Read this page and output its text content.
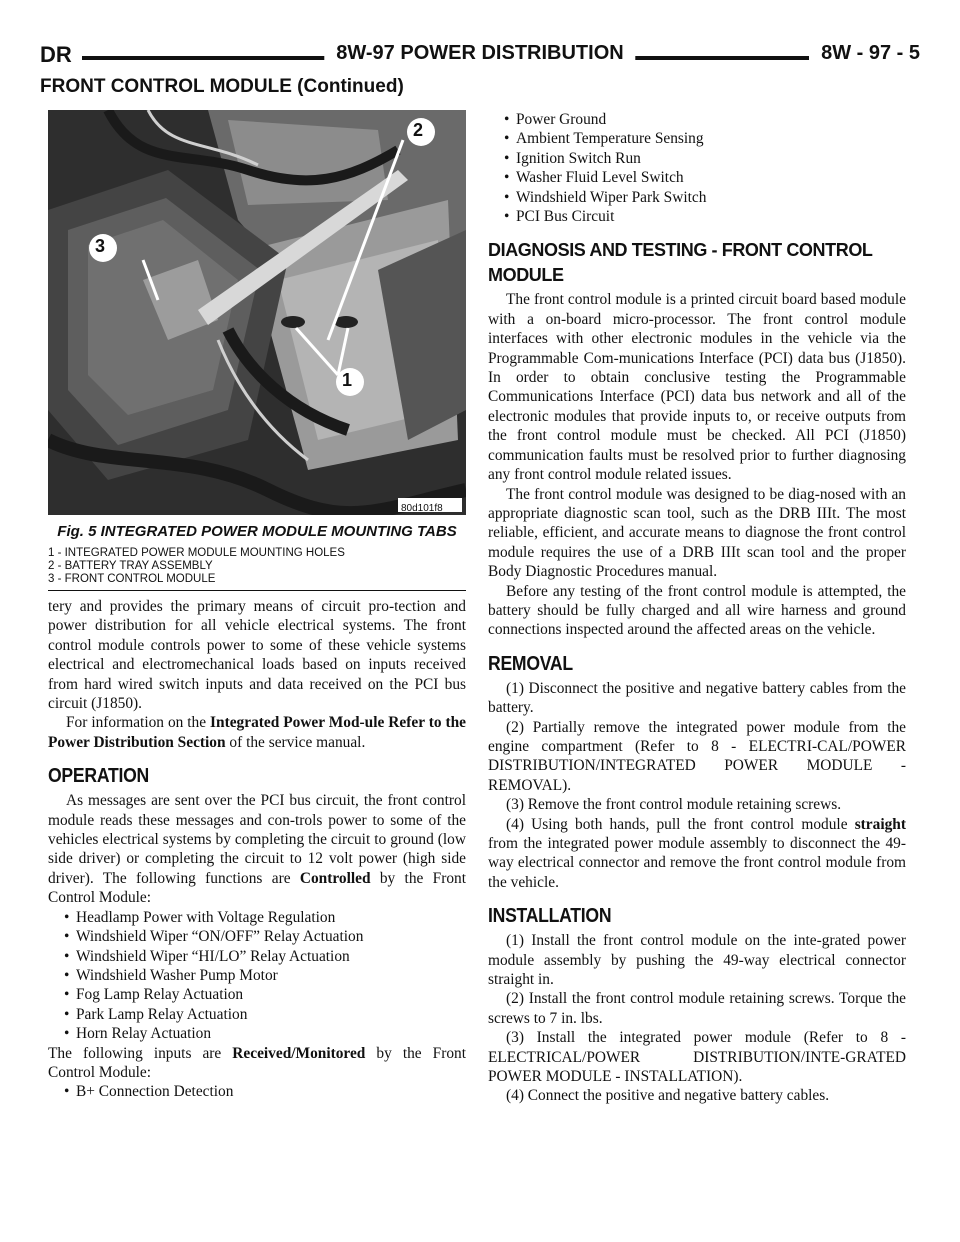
DR	8W-97 POWER DISTRIBUTION	8W - 97 - 5
FRONT CONTROL MODULE (Continued)
1
2
3
80d101f8
Fig. 5 INTEGRATED POWER MODULE MOUNTING TABS
1 - INTEGRATED POWER MODULE MOUNTING HOLES
2 - BATTERY TRAY ASSEMBLY
3 - FRONT CONTROL MODULE

tery and provides the primary means of circuit pro-tection and power distribution for all vehicle electrical systems. The front control module controls power to some of these vehicle systems electrical and electromechanical loads based on inputs received from hard wired switch inputs and data received on the PCI bus circuit (J1850).

For information on the Integrated Power Mod-ule Refer to the Power Distribution Section of the service manual.

OPERATION

As messages are sent over the PCI bus circuit, the front control module reads these messages and con-trols power to some of the vehicles electrical systems by completing the circuit to ground (low side driver) or completing the circuit to 12 volt power (high side driver). The following functions are Controlled by the Front Control Module:

• Headlamp Power with Voltage Regulation
• Windshield Wiper “ON/OFF” Relay Actuation
• Windshield Wiper “HI/LO” Relay Actuation
• Windshield Washer Pump Motor
• Fog Lamp Relay Actuation
• Park Lamp Relay Actuation
• Horn Relay Actuation

The following inputs are Received/Monitored by the Front Control Module:

• B+ Connection Detection
• Power Ground
• Ambient Temperature Sensing
• Ignition Switch Run
• Washer Fluid Level Switch
• Windshield Wiper Park Switch
• PCI Bus Circuit
DIAGNOSIS AND TESTING - FRONT CONTROL MODULE

The front control module is a printed circuit board based module with a on-board micro-processor. The front control module interfaces with other electronic modules in the vehicle via the Programmable Com-munications Interface (PCI) data bus (J1850). In order to obtain conclusive testing the Programmable Communications Interface (PCI) data bus network and all of the electronic modules that provide inputs to, or receive outputs from the front control module must be checked. All PCI (J1850) communication faults must be resolved prior to further diagnosing any front control module related issues.

The front control module was designed to be diag-nosed with an appropriate diagnostic scan tool, such as the DRB IIIt. The most reliable, efficient, and accurate means to diagnose the front control module requires the use of a DRB IIIt scan tool and the proper Body Diagnostic Procedures manual.

Before any testing of the front control module is attempted, the battery should be fully charged and all wire harness and ground connections inspected around the affected areas on the vehicle.

REMOVAL

(1) Disconnect the positive and negative battery cables from the battery.

(2) Partially remove the integrated power module from the engine compartment (Refer to 8 - ELECTRI-CAL/POWER DISTRIBUTION/INTEGRATED POWER MODULE - REMOVAL).

(3) Remove the front control module retaining screws.

(4) Using both hands, pull the front control module straight from the integrated power module assembly to disconnect the 49-way electrical connector and remove the front control module from the vehicle.

INSTALLATION

(1) Install the front control module on the inte-grated power module assembly by pushing the 49-way electrical connector straight in.

(2) Install the front control module retaining screws. Torque the screws to 7 in. lbs.

(3) Install the integrated power module (Refer to 8 - ELECTRICAL/POWER DISTRIBUTION/INTE-GRATED POWER MODULE - INSTALLATION).

(4) Connect the positive and negative battery cables.
